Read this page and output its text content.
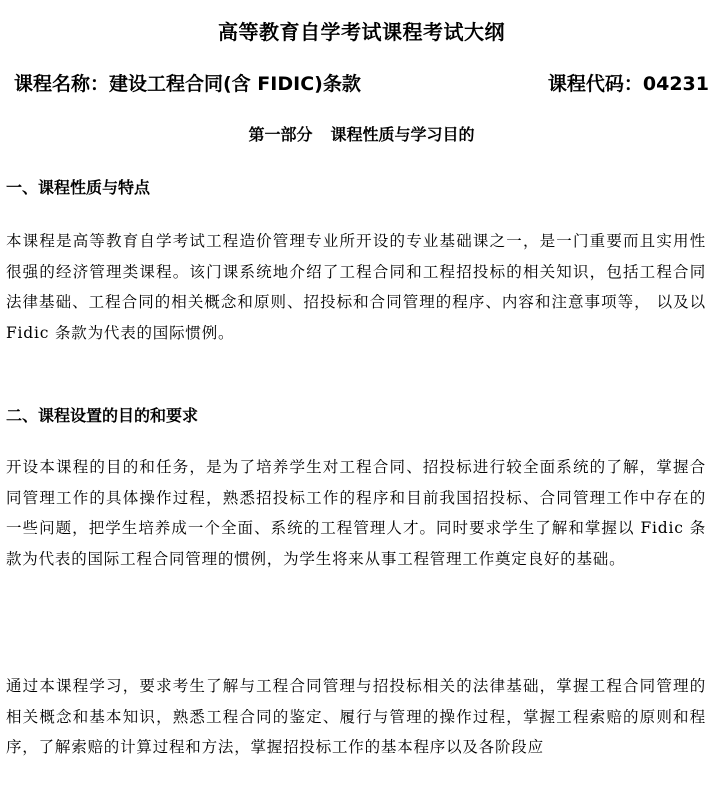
高等教育自学考试课程考试大纲
课程名称：建设工程合同(含 FIDIC)条款	课程代码：04231
第一部分 课程性质与学习目的
一、课程性质与特点
本课程是高等教育自学考试工程造价管理专业所开设的专业基础课之一，是一门重要而且实用性很强的经济管理类课程。该门课系统地介绍了工程合同和工程招投标的相关知识，包括工程合同法律基础、工程合同的相关概念和原则、招投标和合同管理的程序、内容和注意事项等， 以及以 Fidic 条款为代表的国际惯例。
二、课程设置的目的和要求
开设本课程的目的和任务，是为了培养学生对工程合同、招投标进行较全面系统的了解，掌握合同管理工作的具体操作过程，熟悉招投标工作的程序和目前我国招投标、合同管理工作中存在的一些问题，把学生培养成一个全面、系统的工程管理人才。同时要求学生了解和掌握以 Fidic 条款为代表的国际工程合同管理的惯例，为学生将来从事工程管理工作奠定良好的基础。
通过本课程学习，要求考生了解与工程合同管理与招投标相关的法律基础，掌握工程合同管理的相关概念和基本知识，熟悉工程合同的鉴定、履行与管理的操作过程，掌握工程索赔的原则和程序，了解索赔的计算过程和方法，掌握招投标工作的基本程序以及各阶段应
